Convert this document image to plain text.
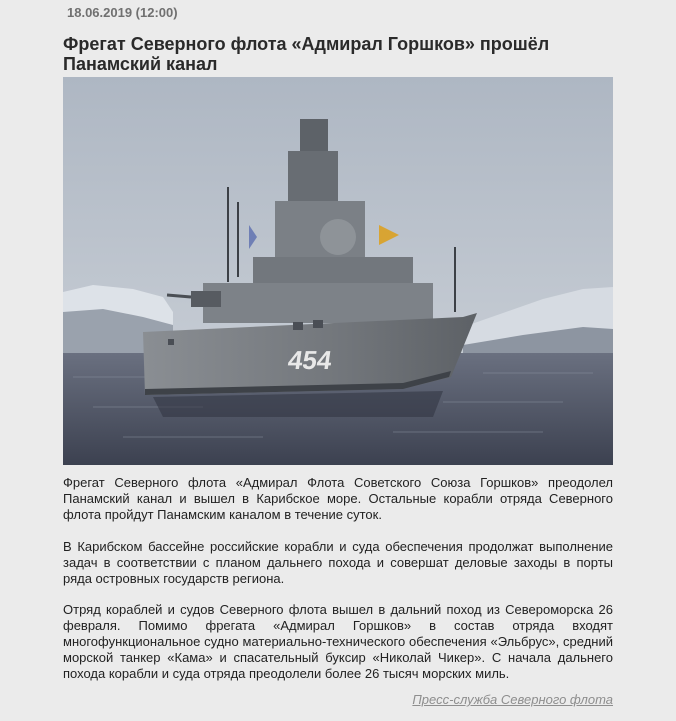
18.06.2019 (12:00)
Фрегат Северного флота «Адмирал Горшков» прошёл Панамский канал
454

Фрегат Северного флота «Адмирал Флота Советского Союза Горшков» преодолел Панамский канал и вышел в Карибское море. Остальные корабли отряда Северного флота пройдут Панамским каналом в течение суток.

В Карибском бассейне российские корабли и суда обеспечения продолжат выполнение задач в соответствии с планом дальнего похода и совершат деловые заходы в порты ряда островных государств региона.

Отряд кораблей и судов Северного флота вышел в дальний поход из Североморска 26 февраля. Помимо фрегата «Адмирал Горшков» в состав отряда входят многофункциональное судно материально-технического обеспечения «Эльбрус», средний морской танкер «Кама» и спасательный буксир «Николай Чикер». С начала дальнего похода корабли и суда отряда преодолели более 26 тысяч морских миль.

Пресс-служба Северного флота
